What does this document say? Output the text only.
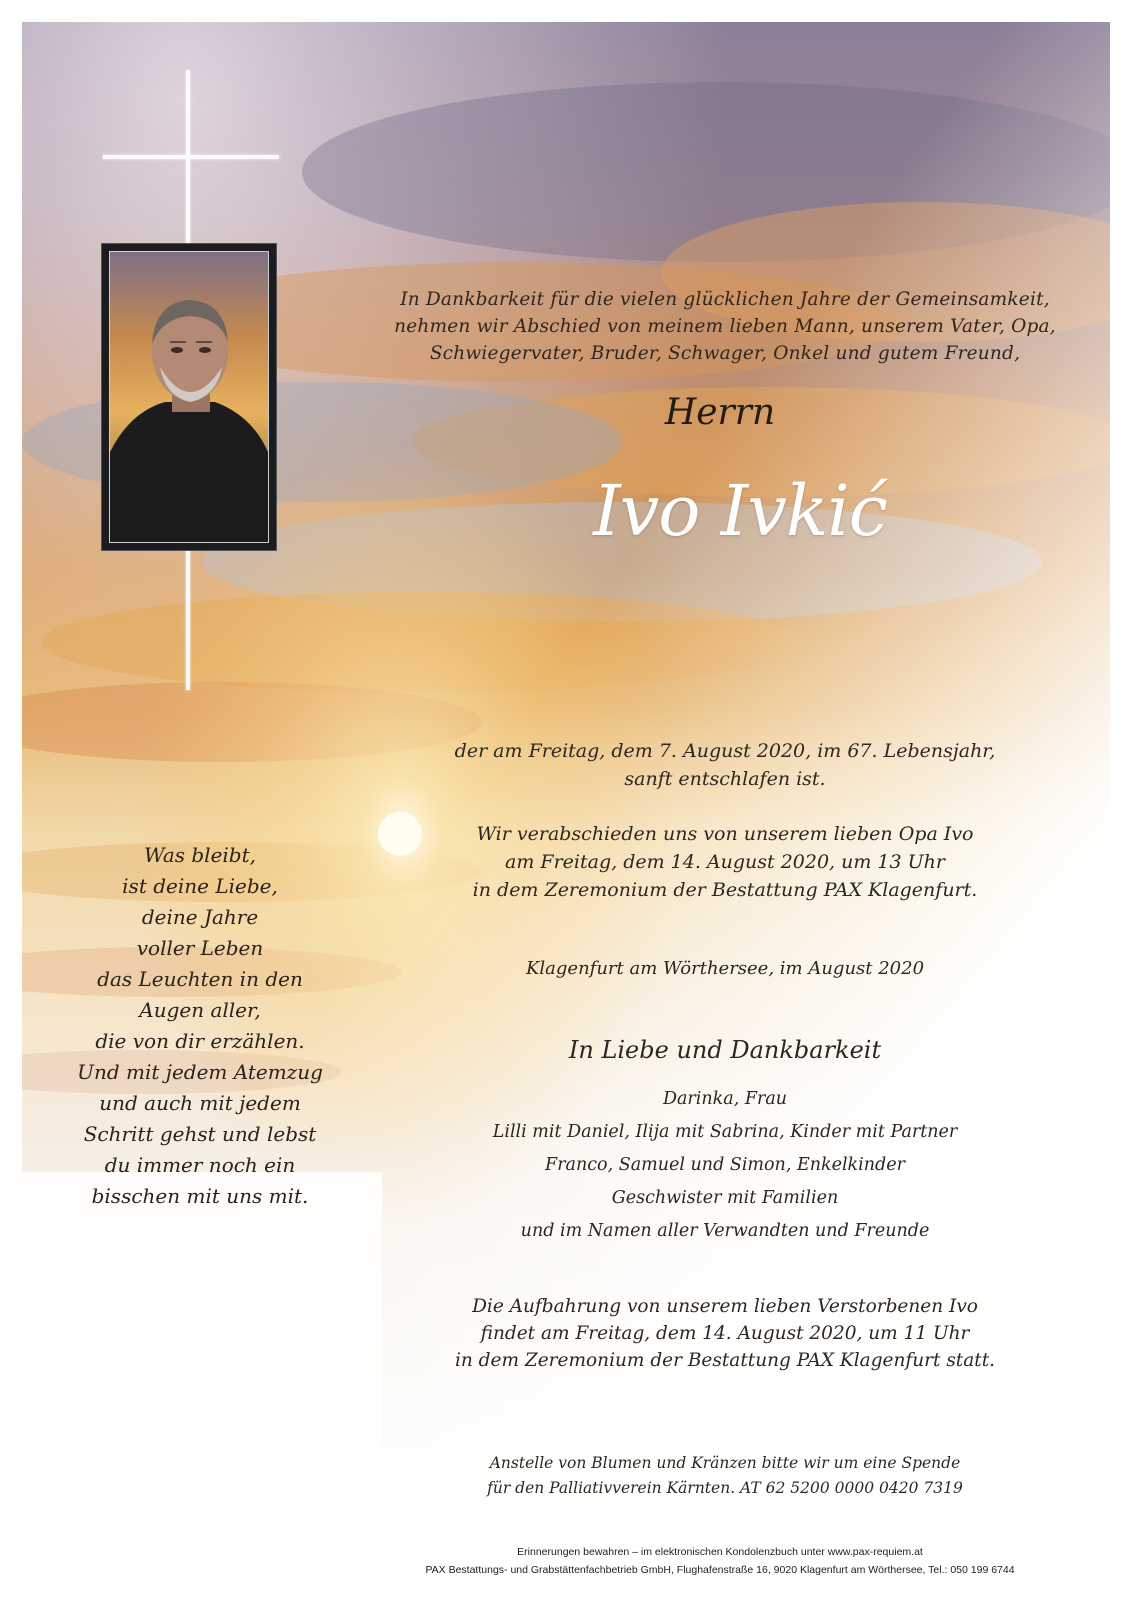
In Dankbarkeit für die vielen glücklichen Jahre der Gemeinsamkeit,
nehmen wir Abschied von meinem lieben Mann, unserem Vater, Opa,
Schwiegervater, Bruder, Schwager, Onkel und gutem Freund,
Herrn
Ivo Ivkić
der am Freitag, dem 7. August 2020, im 67. Lebensjahr,
sanft entschlafen ist.
Wir verabschieden uns von unserem lieben Opa Ivo
am Freitag, dem 14. August 2020, um 13 Uhr
in dem Zeremonium der Bestattung PAX Klagenfurt.
Klagenfurt am Wörthersee, im August 2020
In Liebe und Dankbarkeit
Darinka, Frau
Lilli mit Daniel, Ilija mit Sabrina, Kinder mit Partner
Franco, Samuel und Simon, Enkelkinder
Geschwister mit Familien
und im Namen aller Verwandten und Freunde
Die Aufbahrung von unserem lieben Verstorbenen Ivo
findet am Freitag, dem 14. August 2020, um 11 Uhr
in dem Zeremonium der Bestattung PAX Klagenfurt statt.
Anstelle von Blumen und Kränzen bitte wir um eine Spende
für den Palliativverein Kärnten. AT 62 5200 0000 0420 7319
Was bleibt,
ist deine Liebe,
deine Jahre
voller Leben
das Leuchten in den
Augen aller,
die von dir erzählen.
Und mit jedem Atemzug
und auch mit jedem
Schritt gehst und lebst
du immer noch ein
bisschen mit uns mit.
Erinnerungen bewahren – im elektronischen Kondolenzbuch unter www.pax-requiem.at
PAX Bestattungs- und Grabstättenfachbetrieb GmbH, Flughafenstraße 16, 9020 Klagenfurt am Wörthersee, Tel.: 050 199 6744
